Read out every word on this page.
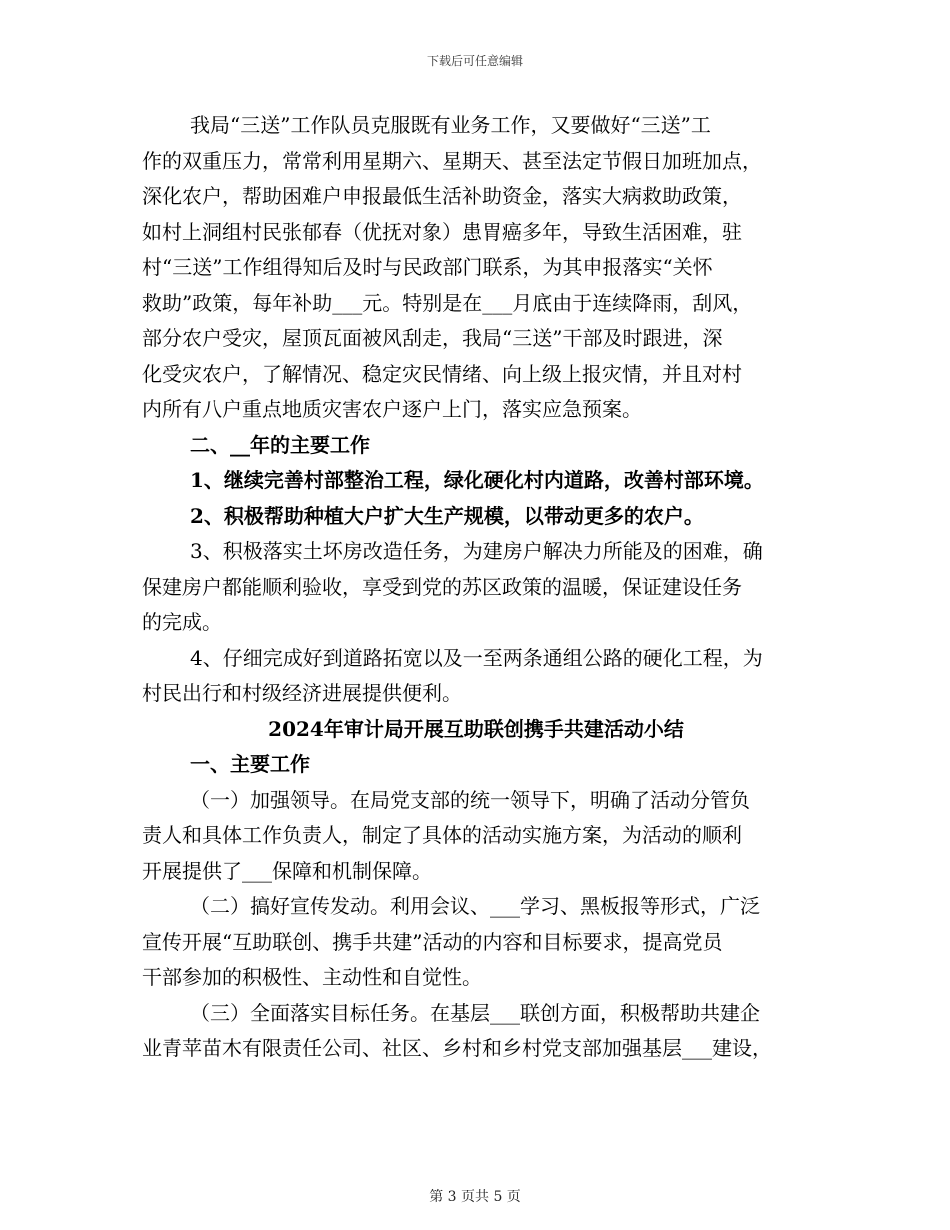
下载后可任意编辑
我局“三送”工作队员克服既有业务工作，又要做好“三送”工
作的双重压力，常常利用星期六、星期天、甚至法定节假日加班加点，
深化农户，帮助困难户申报最低生活补助资金，落实大病救助政策，
如村上洞组村民张郁春（优抚对象）患胃癌多年，导致生活困难，驻
村“三送”工作组得知后及时与民政部门联系，为其申报落实“关怀
救助”政策，每年补助___元。特别是在___月底由于连续降雨，刮风，
部分农户受灾，屋顶瓦面被风刮走，我局“三送”干部及时跟进，深
化受灾农户，了解情况、稳定灾民情绪、向上级上报灾情，并且对村
内所有八户重点地质灾害农户逐户上门，落实应急预案。
二、__年的主要工作
1、继续完善村部整治工程，绿化硬化村内道路，改善村部环境。
2、积极帮助种植大户扩大生产规模，以带动更多的农户。
3、积极落实土坏房改造任务，为建房户解决力所能及的困难，确
保建房户都能顺利验收，享受到党的苏区政策的温暖，保证建设任务
的完成。
4、仔细完成好到道路拓宽以及一至两条通组公路的硬化工程，为
村民出行和村级经济进展提供便利。
2024年审计局开展互助联创携手共建活动小结
一、主要工作
（一）加强领导。在局党支部的统一领导下，明确了活动分管负
责人和具体工作负责人，制定了具体的活动实施方案，为活动的顺利
开展提供了___保障和机制保障。
（二）搞好宣传发动。利用会议、___学习、黑板报等形式，广泛
宣传开展“互助联创、携手共建”活动的内容和目标要求，提高党员
干部参加的积极性、主动性和自觉性。
（三）全面落实目标任务。在基层___联创方面，积极帮助共建企
业青苹苗木有限责任公司、社区、乡村和乡村党支部加强基层___建设，
第 3 页共 5 页
